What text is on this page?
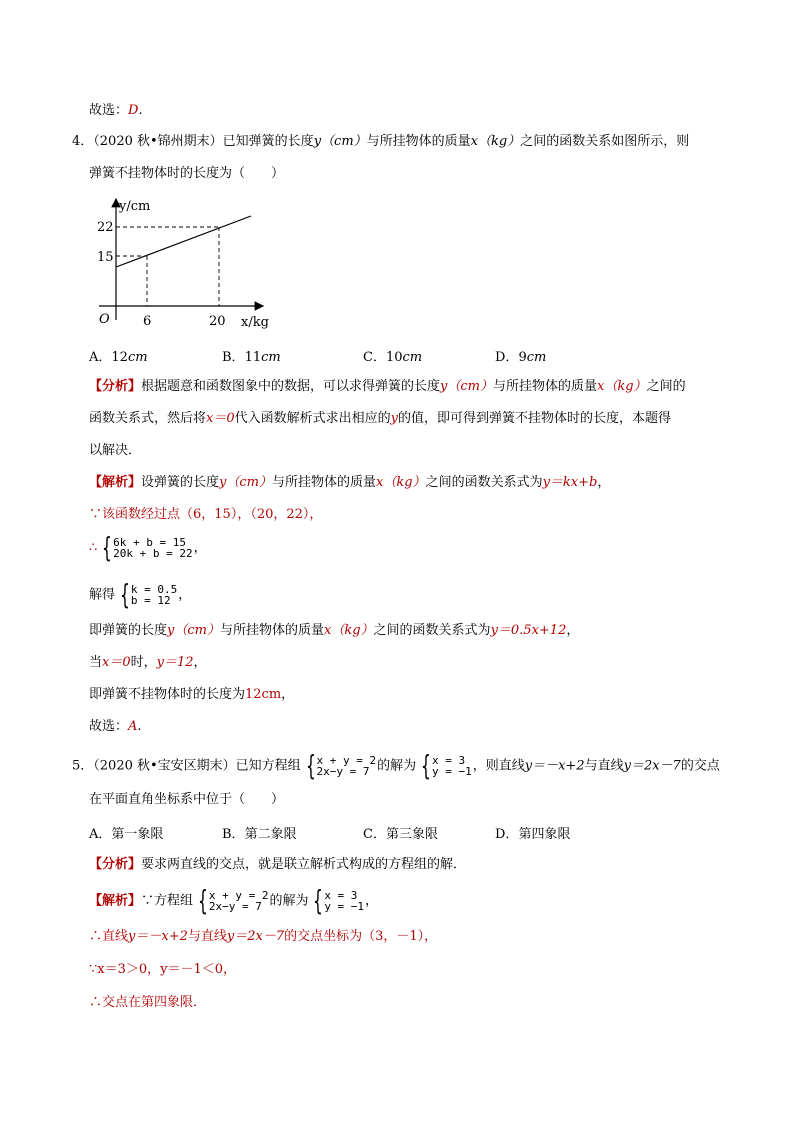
故选：D.
4．（2020 秋•锦州期末）已知弹簧的长度y（cm）与所挂物体的质量x（kg）之间的函数关系如图所示，则
弹簧不挂物体时的长度为（　　）
y/cm
22
15
O	6	20 x/kg
A．12cm	B．11cm	C．10cm	D．9cm
【分析】根据题意和函数图象中的数据，可以求得弹簧的长度y（cm）与所挂物体的质量x（kg）之间的
函数关系式，然后将x＝0代入函数解析式求出相应的y的值，即可得到弹簧不挂物体时的长度，本题得
以解决．
【解析】设弹簧的长度y（cm）与所挂物体的质量x（kg）之间的函数关系式为y＝kx+b，
∵该函数经过点（6，15），（20，22），
∴ { 6k + b = 15
20k + b = 22 ，
解得 { k = 0.5
b = 12 ，
即弹簧的长度y（cm）与所挂物体的质量x（kg）之间的函数关系式为y＝0.5x+12，
当x＝0时，y＝12，
即弹簧不挂物体时的长度为12cm，
故选：A.
5．（2020 秋•宝安区期末）已知方程组 { x + y = 2
2x−y = 7 的解为 { x = 3
y = −1 ，则直线y＝－x+2与直线y＝2x－7的交点
在平面直角坐标系中位于（　　）
A．第一象限	B．第二象限	C．第三象限	D．第四象限
【分析】要求两直线的交点，就是联立解析式构成的方程组的解．
【解析】∵方程组 { x + y = 2
2x−y = 7 的解为 { x = 3
y = −1 ，
∴直线y＝－x+2与直线y＝2x－7的交点坐标为（3，－1），
∵x＝3＞0，y＝－1＜0，
∴交点在第四象限．
